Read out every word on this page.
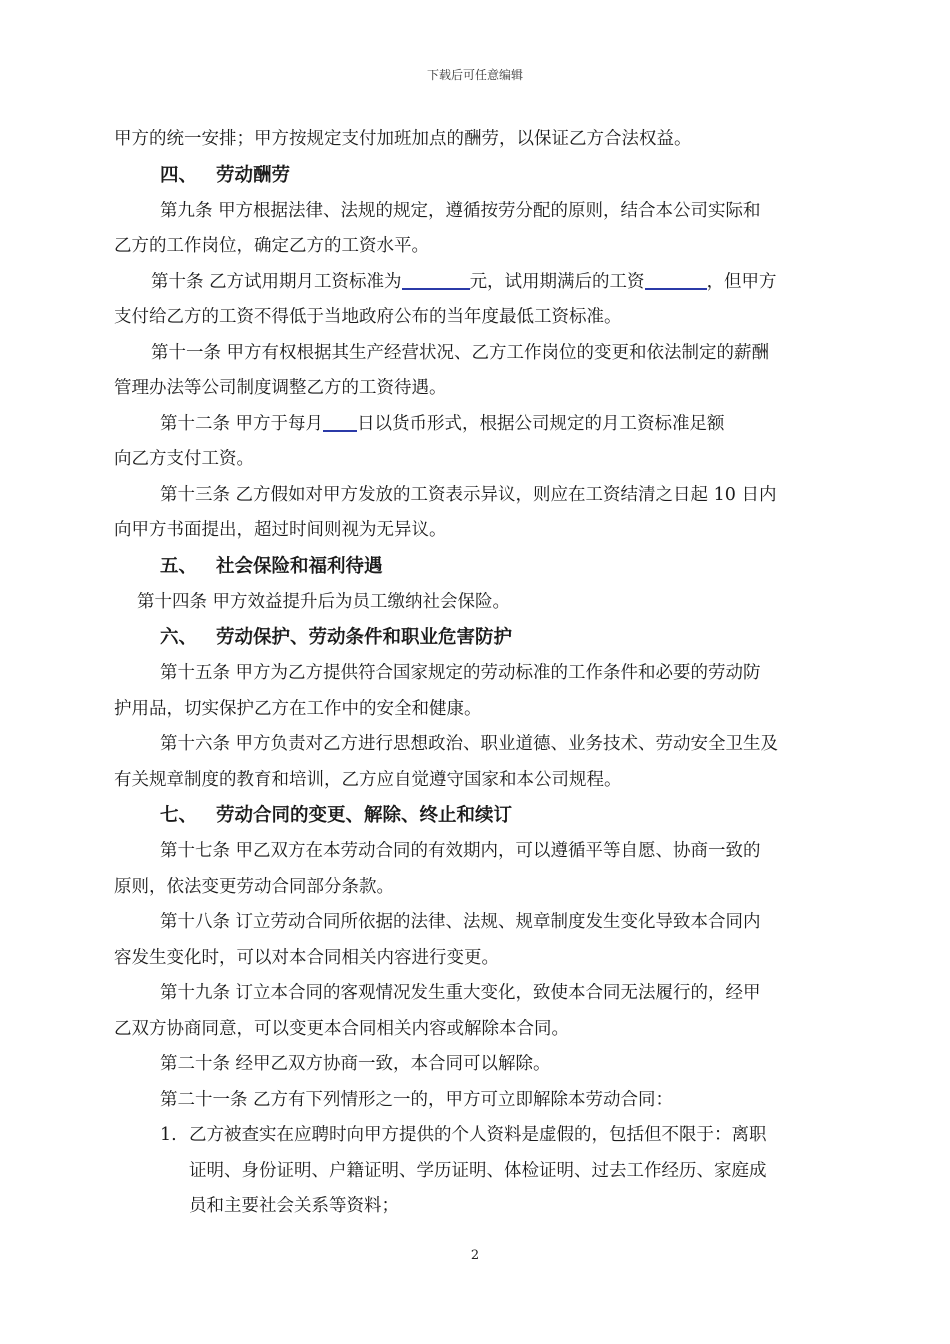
下载后可任意编辑
甲方的统一安排；甲方按规定支付加班加点的酬劳，以保证乙方合法权益。
四、 劳动酬劳
第九条 甲方根据法律、法规的规定，遵循按劳分配的原则，结合本公司实际和
乙方的工作岗位，确定乙方的工资水平。
第十条 乙方试用期月工资标准为	元，试用期满后的工资	，但甲方
支付给乙方的工资不得低于当地政府公布的当年度最低工资标准。
第十一条 甲方有权根据其生产经营状况、乙方工作岗位的变更和依法制定的薪酬
管理办法等公司制度调整乙方的工资待遇。
第十二条 甲方于每月 日以货币形式，根据公司规定的月工资标准足额
向乙方支付工资。
第十三条 乙方假如对甲方发放的工资表示异议，则应在工资结清之日起 10 日内
向甲方书面提出，超过时间则视为无异议。
五、 社会保险和福利待遇
第十四条 甲方效益提升后为员工缴纳社会保险。
六、 劳动保护、劳动条件和职业危害防护
第十五条 甲方为乙方提供符合国家规定的劳动标准的工作条件和必要的劳动防
护用品，切实保护乙方在工作中的安全和健康。
第十六条 甲方负责对乙方进行思想政治、职业道德、业务技术、劳动安全卫生及
有关规章制度的教育和培训，乙方应自觉遵守国家和本公司规程。
七、 劳动合同的变更、解除、终止和续订
第十七条 甲乙双方在本劳动合同的有效期内，可以遵循平等自愿、协商一致的
原则，依法变更劳动合同部分条款。
第十八条 订立劳动合同所依据的法律、法规、规章制度发生变化导致本合同内
容发生变化时，可以对本合同相关内容进行变更。
第十九条 订立本合同的客观情况发生重大变化，致使本合同无法履行的，经甲
乙双方协商同意，可以变更本合同相关内容或解除本合同。
第二十条 经甲乙双方协商一致，本合同可以解除。
第二十一条 乙方有下列情形之一的，甲方可立即解除本劳动合同：
1. 乙方被查实在应聘时向甲方提供的个人资料是虚假的，包括但不限于：离职
证明、身份证明、户籍证明、学历证明、体检证明、过去工作经历、家庭成
员和主要社会关系等资料；
2
